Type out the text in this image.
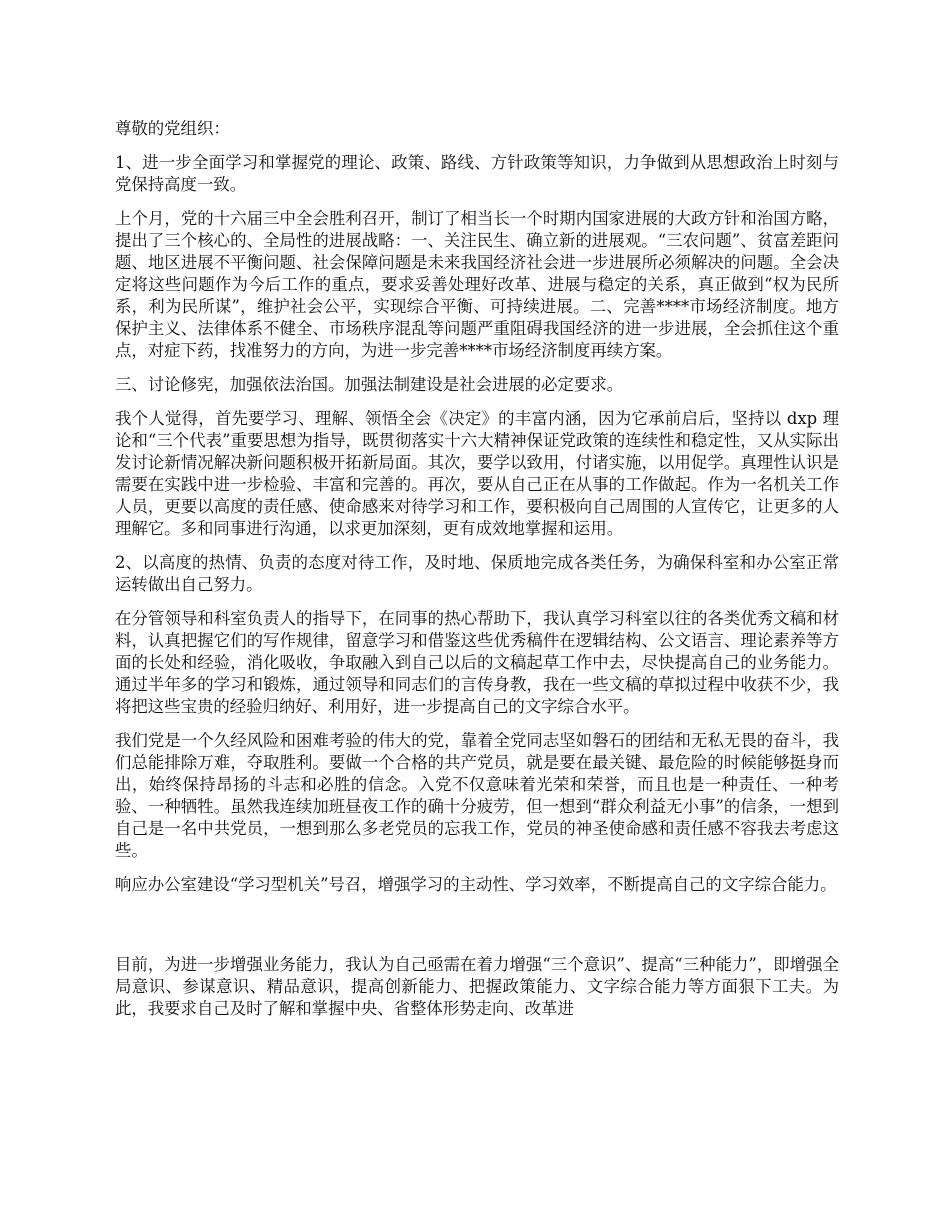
尊敬的党组织：

1、进一步全面学习和掌握党的理论、政策、路线、方针政策等知识，力争做到从思想政治上时刻与党保持高度一致。

上个月，党的十六届三中全会胜利召开，制订了相当长一个时期内国家进展的大政方针和治国方略，提出了三个核心的、全局性的进展战略：一、关注民生、确立新的进展观。“三农问题”、贫富差距问题、地区进展不平衡问题、社会保障问题是未来我国经济社会进一步进展所必须解决的问题。全会决定将这些问题作为今后工作的重点，要求妥善处理好改革、进展与稳定的关系，真正做到“权为民所系，利为民所谋”，维护社会公平，实现综合平衡、可持续进展。二、完善****市场经济制度。地方保护主义、法律体系不健全、市场秩序混乱等问题严重阻碍我国经济的进一步进展，全会抓住这个重点，对症下药，找准努力的方向，为进一步完善****市场经济制度再续方案。

三、讨论修宪，加强依法治国。加强法制建设是社会进展的必定要求。

我个人觉得，首先要学习、理解、领悟全会《决定》的丰富内涵，因为它承前启后，坚持以 dxp 理论和“三个代表”重要思想为指导，既贯彻落实十六大精神保证党政策的连续性和稳定性，又从实际出发讨论新情况解决新问题积极开拓新局面。其次，要学以致用，付诸实施，以用促学。真理性认识是需要在实践中进一步检验、丰富和完善的。再次，要从自己正在从事的工作做起。作为一名机关工作人员，更要以高度的责任感、使命感来对待学习和工作，要积极向自己周围的人宣传它，让更多的人理解它。多和同事进行沟通，以求更加深刻，更有成效地掌握和运用。

2、以高度的热情、负责的态度对待工作，及时地、保质地完成各类任务，为确保科室和办公室正常运转做出自己努力。

在分管领导和科室负责人的指导下，在同事的热心帮助下，我认真学习科室以往的各类优秀文稿和材料，认真把握它们的写作规律，留意学习和借鉴这些优秀稿件在逻辑结构、公文语言、理论素养等方面的长处和经验，消化吸收，争取融入到自己以后的文稿起草工作中去，尽快提高自己的业务能力。通过半年多的学习和锻炼，通过领导和同志们的言传身教，我在一些文稿的草拟过程中收获不少，我将把这些宝贵的经验归纳好、利用好，进一步提高自己的文字综合水平。

我们党是一个久经风险和困难考验的伟大的党，靠着全党同志坚如磐石的团结和无私无畏的奋斗，我们总能排除万难，夺取胜利。要做一个合格的共产党员，就是要在最关键、最危险的时候能够挺身而出，始终保持昂扬的斗志和必胜的信念。入党不仅意味着光荣和荣誉，而且也是一种责任、一种考验、一种牺牲。虽然我连续加班昼夜工作的确十分疲劳，但一想到“群众利益无小事”的信条，一想到自己是一名中共党员，一想到那么多老党员的忘我工作，党员的神圣使命感和责任感不容我去考虑这些。

响应办公室建设“学习型机关”号召，增强学习的主动性、学习效率，不断提高自己的文字综合能力。

目前，为进一步增强业务能力，我认为自己亟需在着力增强“三个意识”、提高“三种能力”，即增强全局意识、参谋意识、精品意识，提高创新能力、把握政策能力、文字综合能力等方面狠下工夫。为此，我要求自己及时了解和掌握中央、省整体形势走向、改革进
